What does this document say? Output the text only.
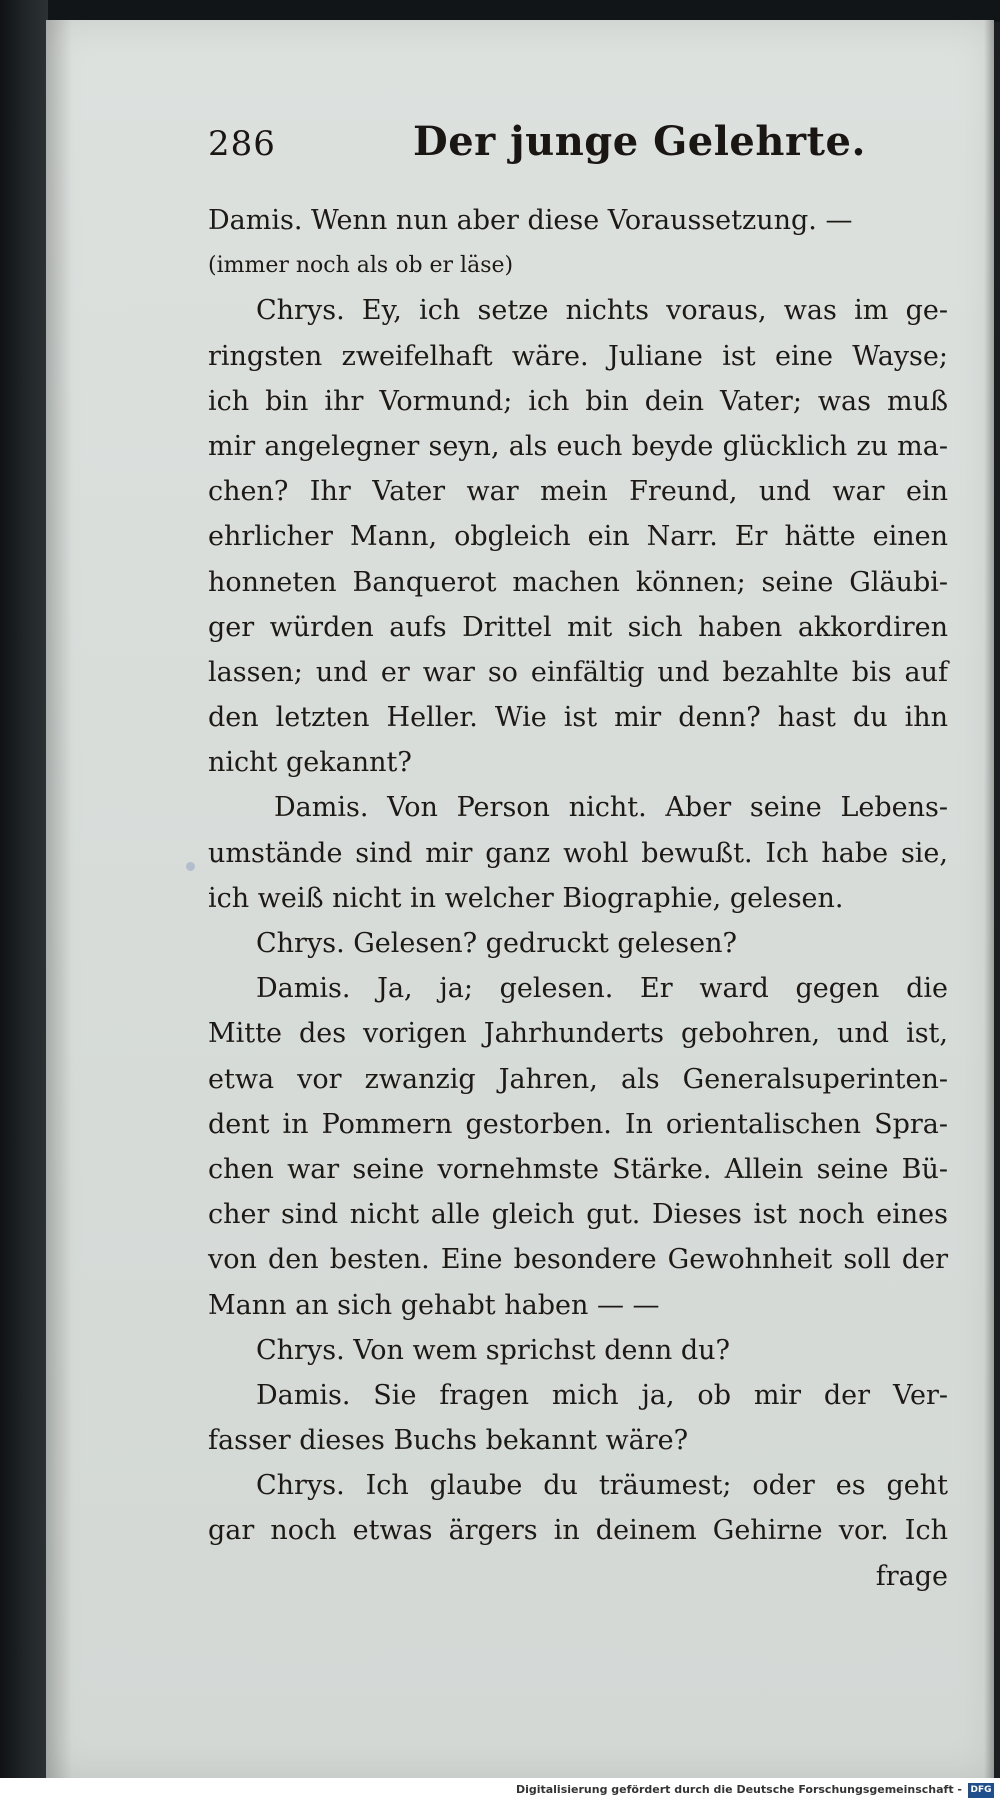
286	Der junge Gelehrte.
Damis. Wenn nun aber diese Voraussetzung. —
(immer noch als ob er läse)
Chrys. Ey, ich setze nichts voraus, was im ge-
ringsten zweifelhaft wäre. Juliane ist eine Wayse;
ich bin ihr Vormund; ich bin dein Vater; was muß
mir angelegner seyn, als euch beyde glücklich zu ma-
chen? Ihr Vater war mein Freund, und war ein
ehrlicher Mann, obgleich ein Narr. Er hätte einen
honneten Banquerot machen können; seine Gläubi-
ger würden aufs Drittel mit sich haben akkordiren
lassen; und er war so einfältig und bezahlte bis auf
den letzten Heller. Wie ist mir denn? hast du ihn
nicht gekannt?
Damis. Von Person nicht. Aber seine Lebens-
umstände sind mir ganz wohl bewußt. Ich habe sie,
ich weiß nicht in welcher Biographie, gelesen.
Chrys. Gelesen? gedruckt gelesen?
Damis. Ja, ja; gelesen. Er ward gegen die
Mitte des vorigen Jahrhunderts gebohren, und ist,
etwa vor zwanzig Jahren, als Generalsuperinten-
dent in Pommern gestorben. In orientalischen Spra-
chen war seine vornehmste Stärke. Allein seine Bü-
cher sind nicht alle gleich gut. Dieses ist noch eines
von den besten. Eine besondere Gewohnheit soll der
Mann an sich gehabt haben — —
Chrys. Von wem sprichst denn du?
Damis. Sie fragen mich ja, ob mir der Ver-
fasser dieses Buchs bekannt wäre?
Chrys. Ich glaube du träumest; oder es geht
gar noch etwas ärgers in deinem Gehirne vor. Ich
frage
Digitalisierung gefördert durch die Deutsche Forschungsgemeinschaft - DFG
